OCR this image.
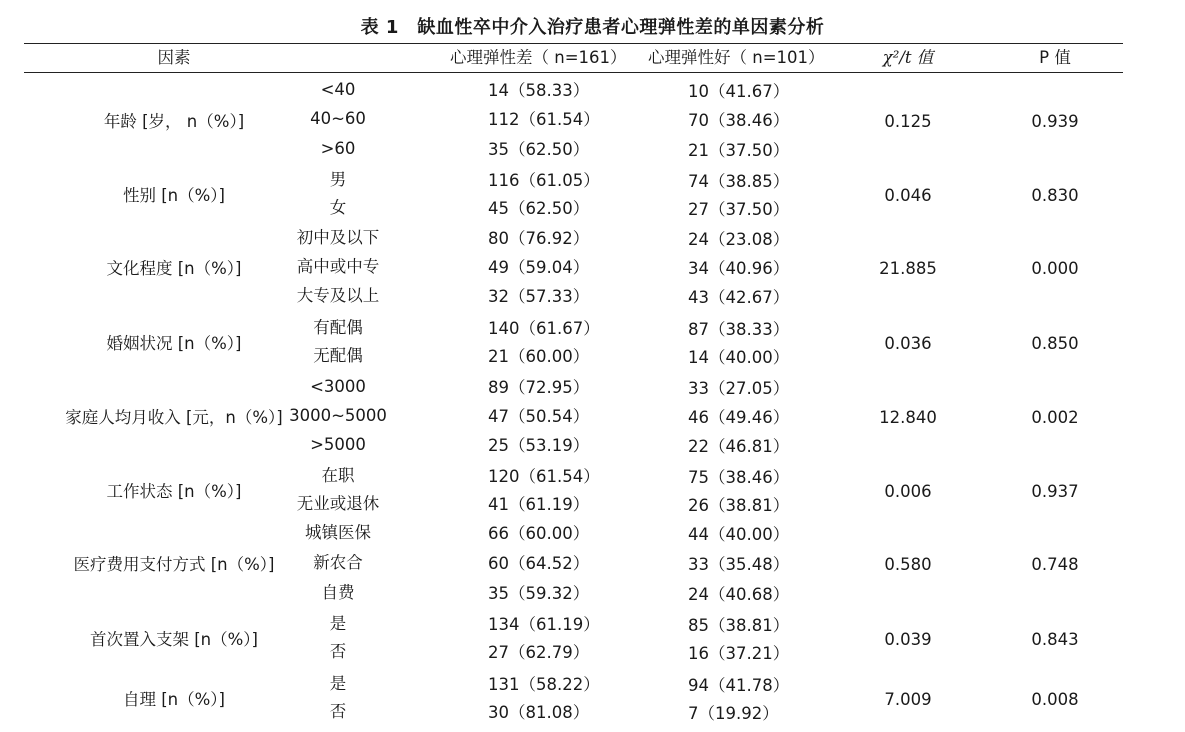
表 1　缺血性卒中介入治疗患者心理弹性差的单因素分析
因素	心理弹性差（ n=161） 心理弹性好（ n=101）	χ²/t 值	P 值
年龄 [岁， n（%）]	0.125	0.939
<40	14（58.33）	10（41.67）
40~60	112（61.54）	70（38.46）
>60	35（62.50）	21（37.50）
性别 [n（%）]	0.046	0.830
男	116（61.05）	74（38.85）
女	45（62.50）	27（37.50）
文化程度 [n（%）]	21.885	0.000
初中及以下	80（76.92）	24（23.08）
高中或中专	49（59.04）	34（40.96）
大专及以上	32（57.33）	43（42.67）
婚姻状况 [n（%）]	0.036	0.850
有配偶	140（61.67）	87（38.33）
无配偶	21（60.00）	14（40.00）
家庭人均月收入 [元，n（%）]	12.840	0.002
<3000	89（72.95）	33（27.05）
3000~5000	47（50.54）	46（49.46）
>5000	25（53.19）	22（46.81）
工作状态 [n（%）]	0.006	0.937
在职	120（61.54）	75（38.46）
无业或退休	41（61.19）	26（38.81）
医疗费用支付方式 [n（%）]	0.580	0.748
城镇医保	66（60.00）	44（40.00）
新农合	60（64.52）	33（35.48）
自费	35（59.32）	24（40.68）
首次置入支架 [n（%）]	0.039	0.843
是	134（61.19）	85（38.81）
否	27（62.79）	16（37.21）
自理 [n（%）]	7.009	0.008
是	131（58.22）	94（41.78）
否	30（81.08）	7（19.92）
